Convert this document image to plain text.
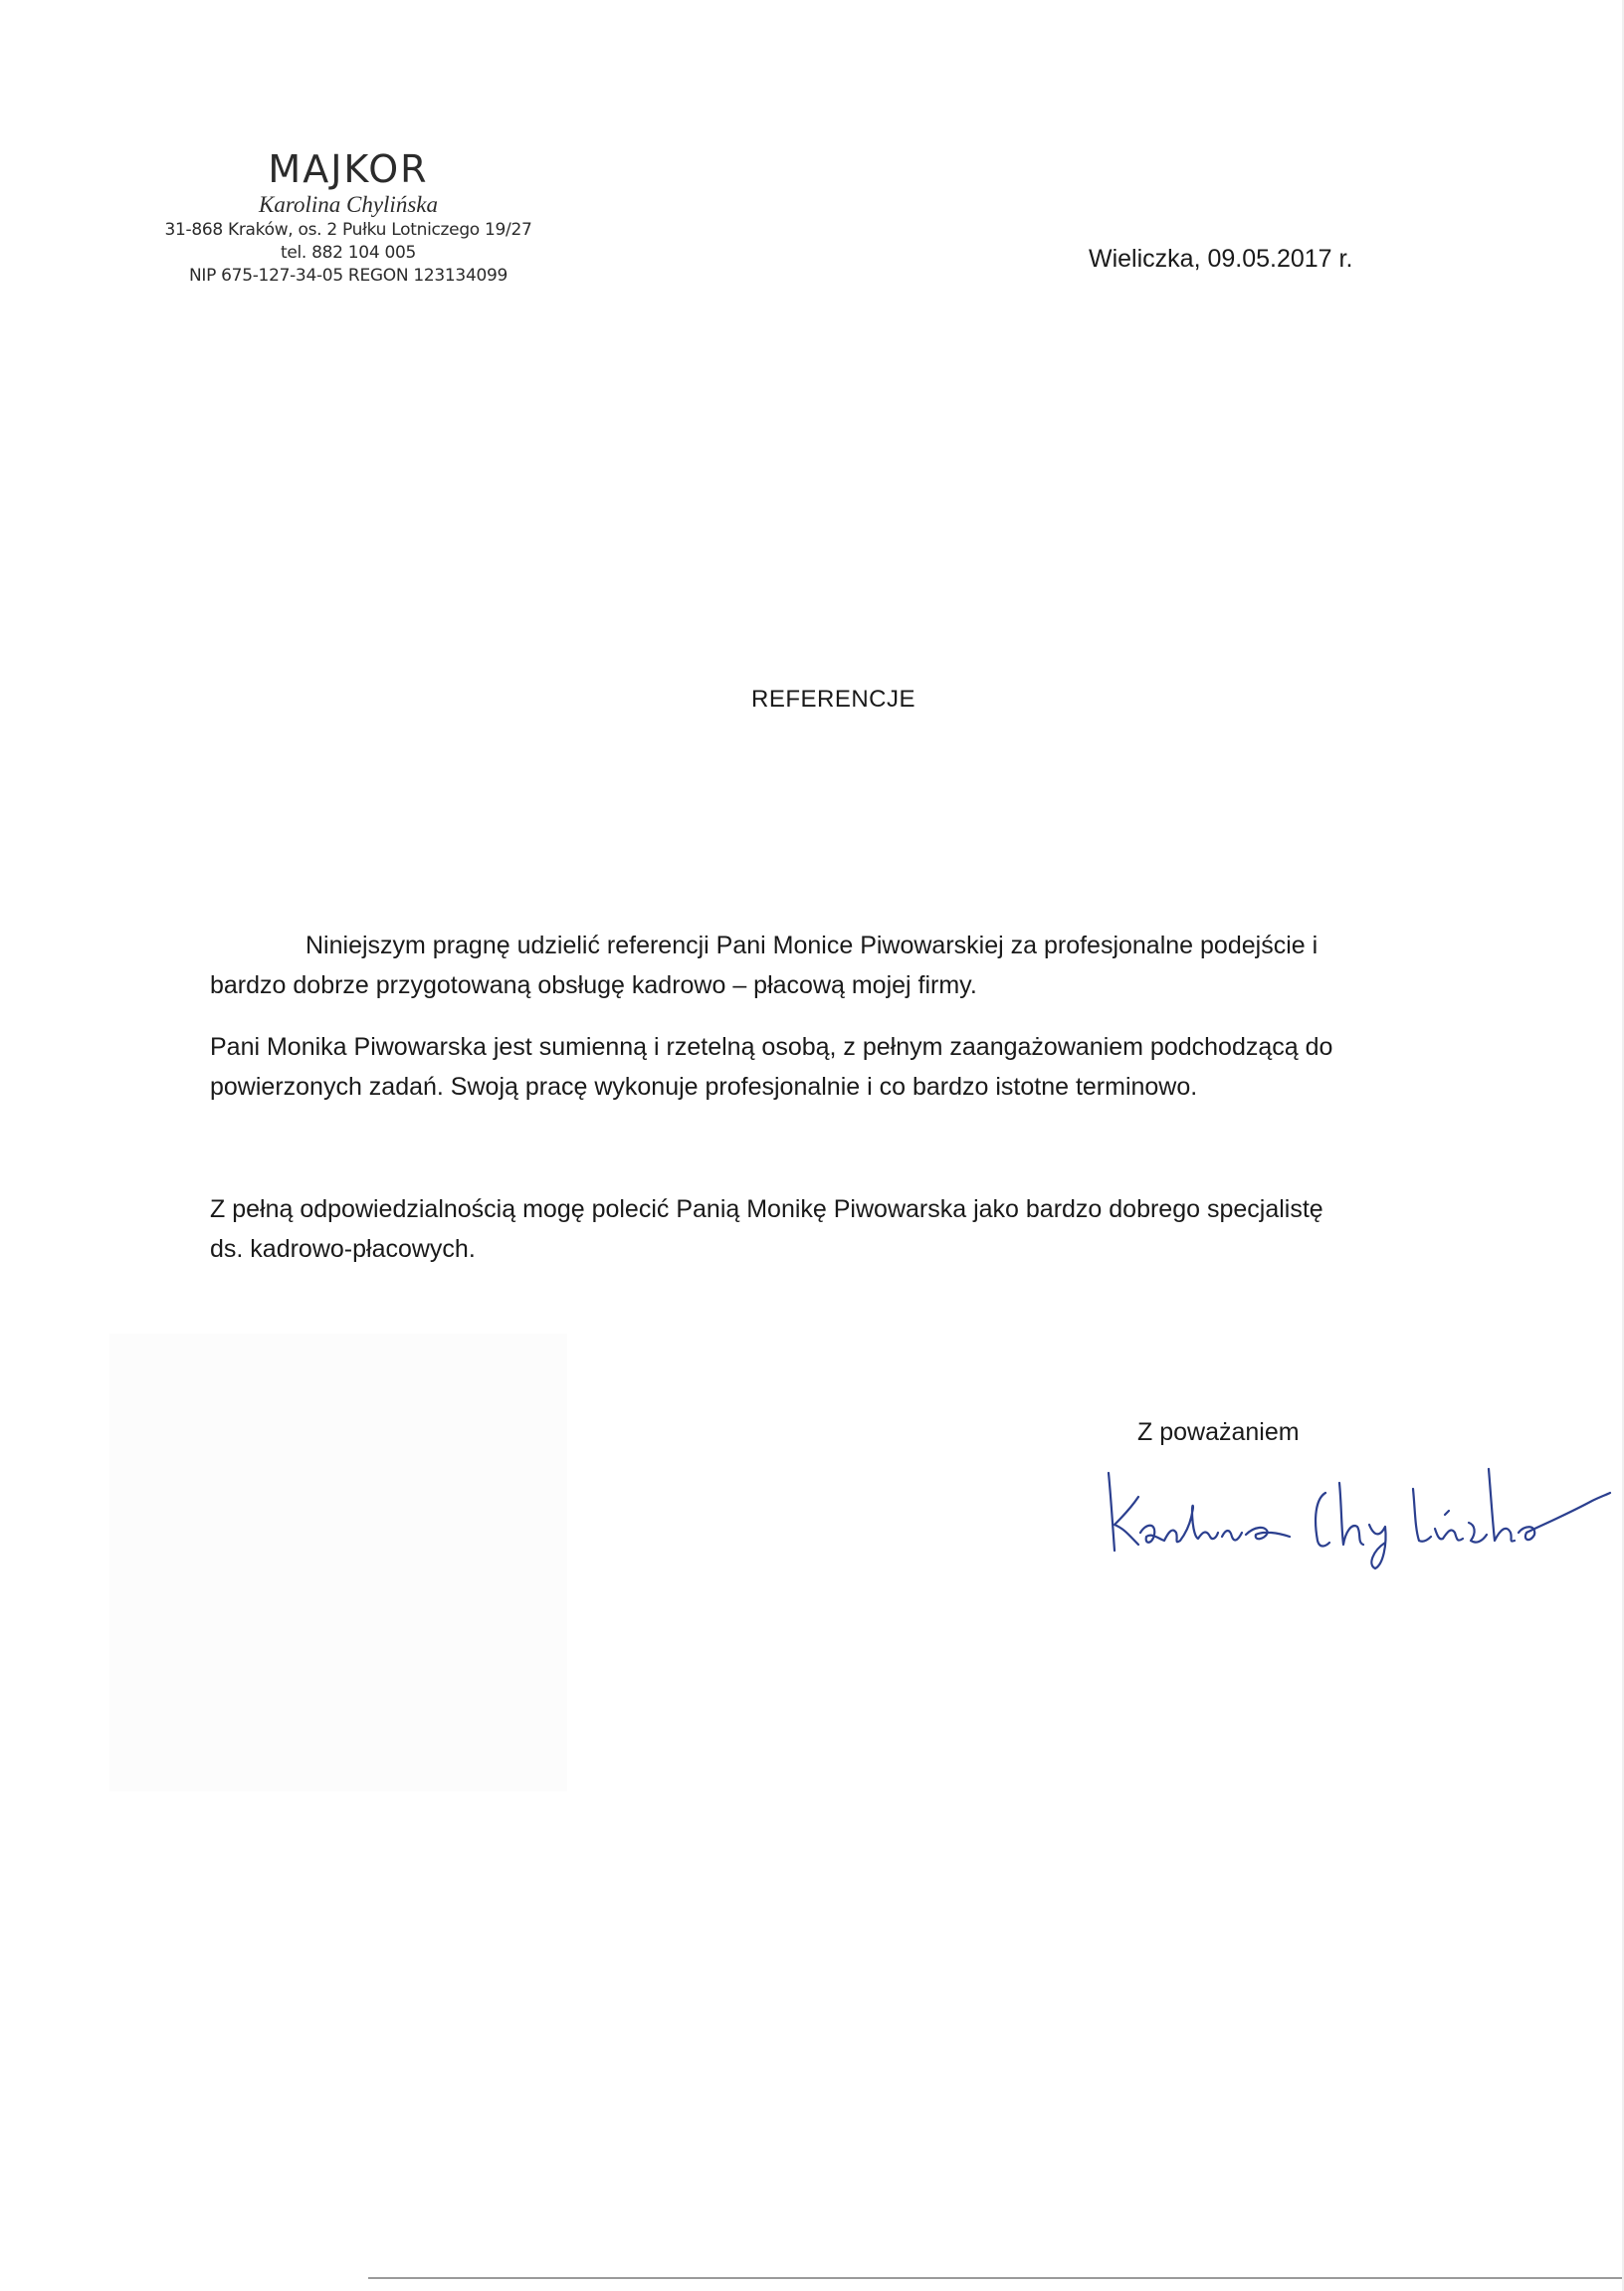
MAJKOR
Karolina Chylińska
31-868 Kraków, os. 2 Pułku Lotniczego 19/27
tel. 882 104 005
NIP 675-127-34-05 REGON 123134099
Wieliczka, 09.05.2017 r.
REFERENCJE

Niniejszym pragnę udzielić referencji Pani Monice Piwowarskiej za profesjonalne podejście i

bardzo dobrze przygotowaną obsługę kadrowo – płacową mojej firmy.

Pani Monika Piwowarska jest sumienną i rzetelną osobą, z pełnym zaangażowaniem podchodzącą do

powierzonych zadań. Swoją pracę wykonuje profesjonalnie i co bardzo istotne terminowo.

Z pełną odpowiedzialnością mogę polecić Panią Monikę Piwowarska jako bardzo dobrego specjalistę

ds. kadrowo-płacowych.

Z poważaniem
